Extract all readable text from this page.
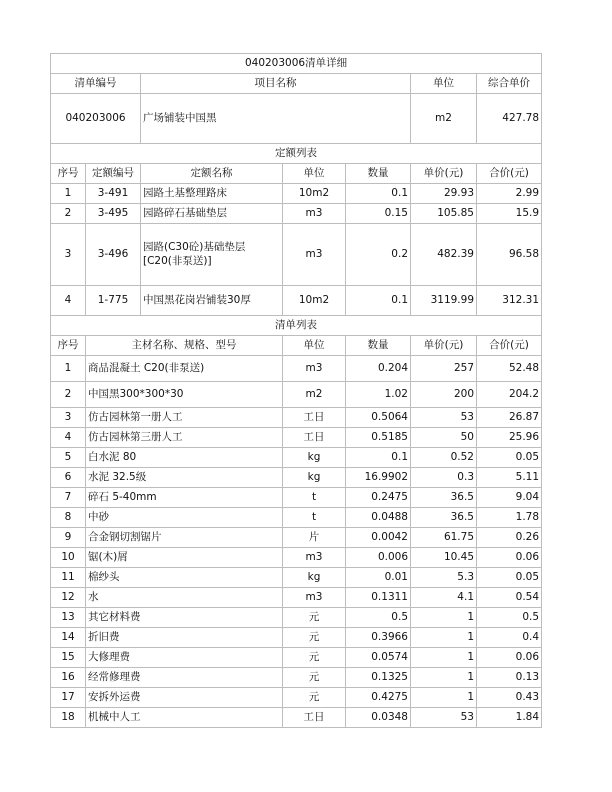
040203006清单详细						
清单编号		项目名称			单位	综合单价
040203006		广场铺装中国黑			m2	427.78
定额列表						
序号	定额编号	定额名称	单位	数量	单价(元)	合价(元)
1	3-491	园路土基整理路床	10m2	0.1	29.93	2.99
2	3-495	园路碎石基础垫层	m3	0.15	105.85	15.9
3	3-496	园路(C30砼)基础垫层[C20(非泵送)]	m3	0.2	482.39	96.58
4	1-775	中国黑花岗岩铺装30厚	10m2	0.1	3119.99	312.31
清单列表						
序号	主材名称、规格、型号		单位	数量	单价(元)	合价(元)
1	商品混凝土 C20(非泵送)		m3	0.204	257	52.48
2	中国黑300*300*30		m2	1.02	200	204.2
3	仿古园林第一册人工		工日	0.5064	53	26.87
4	仿古园林第三册人工		工日	0.5185	50	25.96
5	白水泥 80		kg	0.1	0.52	0.05
6	水泥 32.5级		kg	16.9902	0.3	5.11
7	碎石 5-40mm		t	0.2475	36.5	9.04
8	中砂		t	0.0488	36.5	1.78
9	合金钢切割锯片		片	0.0042	61.75	0.26
10	锯(木)屑		m3	0.006	10.45	0.06
11	棉纱头		kg	0.01	5.3	0.05
12	水		m3	0.1311	4.1	0.54
13	其它材料费		元	0.5	1	0.5
14	折旧费		元	0.3966	1	0.4
15	大修理费		元	0.0574	1	0.06
16	经常修理费		元	0.1325	1	0.13
17	安拆外运费		元	0.4275	1	0.43
18	机械中人工		工日	0.0348	53	1.84
